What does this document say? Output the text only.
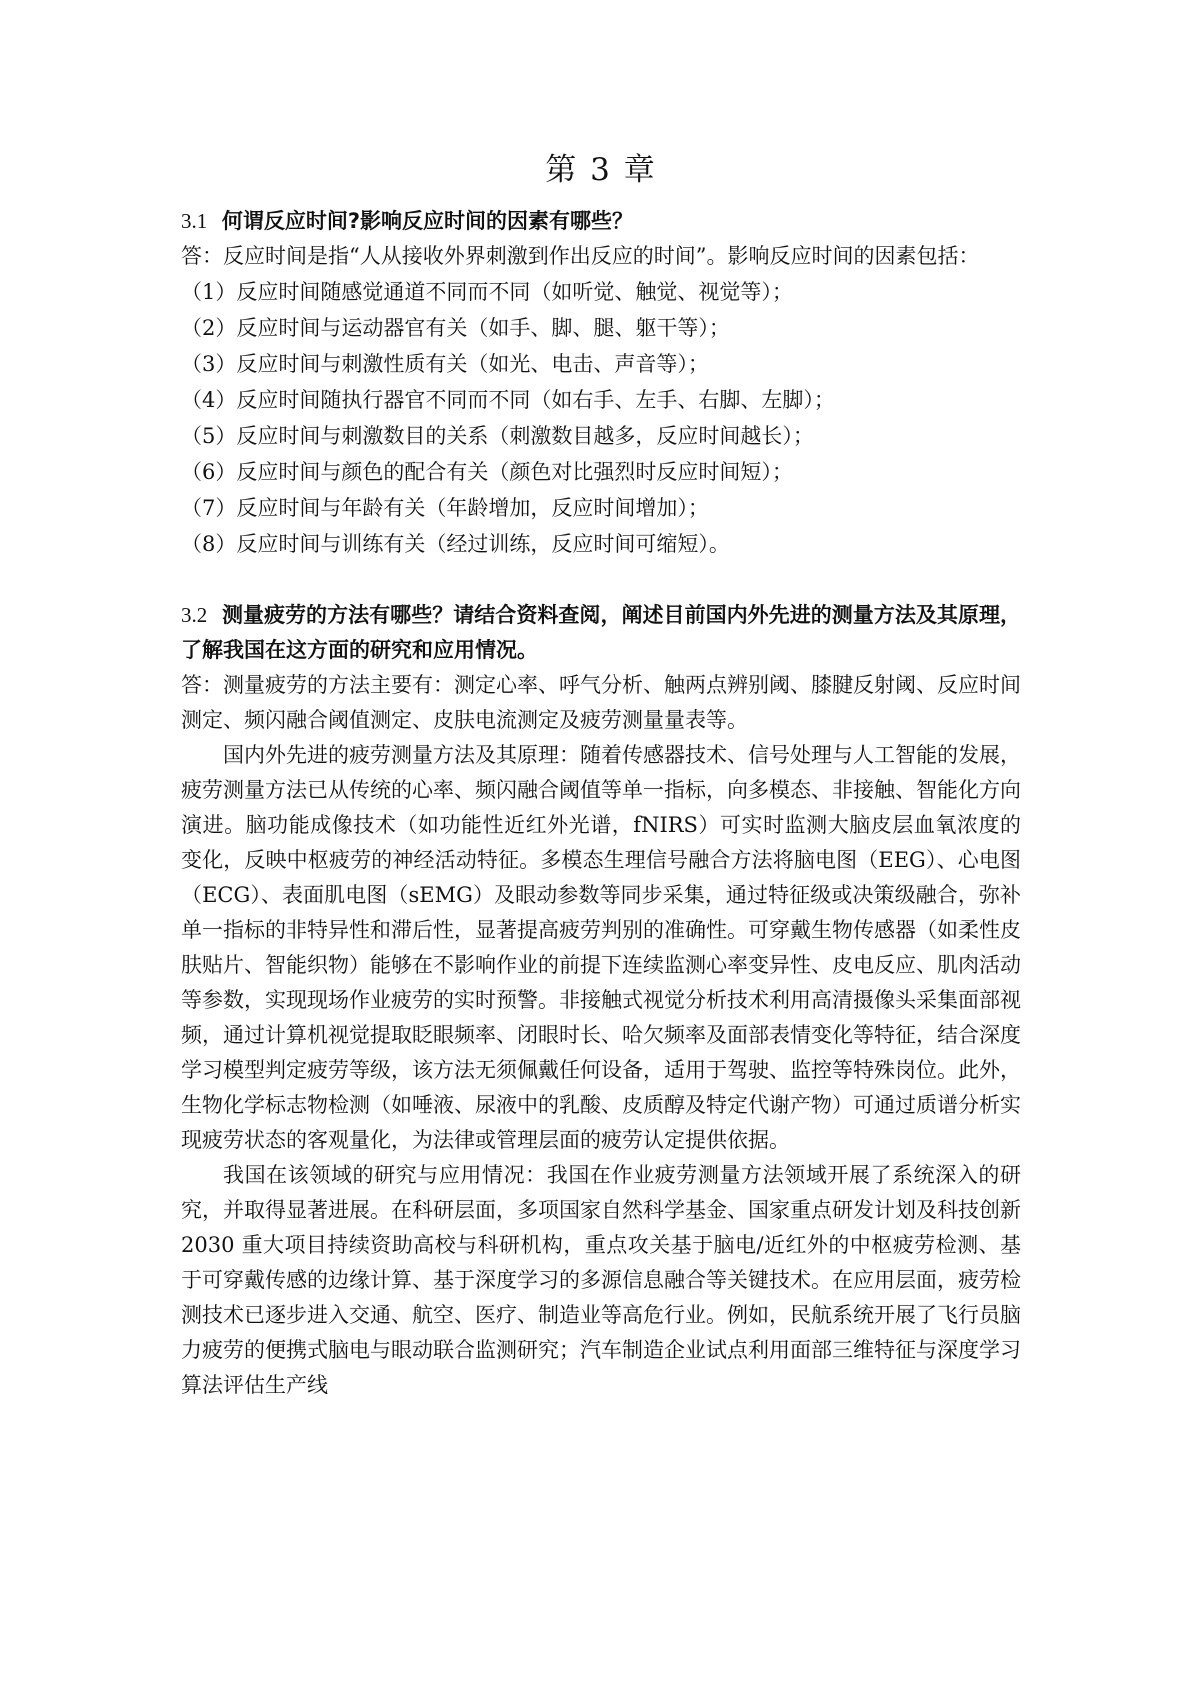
第 3 章

3.1 何谓反应时间?影响反应时间的因素有哪些？

答：反应时间是指“人从接收外界刺激到作出反应的时间”。影响反应时间的因素包括：

（1）反应时间随感觉通道不同而不同（如听觉、触觉、视觉等）；

（2）反应时间与运动器官有关（如手、脚、腿、躯干等）；

（3）反应时间与刺激性质有关（如光、电击、声音等）；

（4）反应时间随执行器官不同而不同（如右手、左手、右脚、左脚）；

（5）反应时间与刺激数目的关系（刺激数目越多，反应时间越长）；

（6）反应时间与颜色的配合有关（颜色对比强烈时反应时间短）；

（7）反应时间与年龄有关（年龄增加，反应时间增加）；

（8）反应时间与训练有关（经过训练，反应时间可缩短）。

3.2 测量疲劳的方法有哪些？请结合资料查阅，阐述目前国内外先进的测量方法及其原理，了解我国在这方面的研究和应用情况。

答：测量疲劳的方法主要有：测定心率、呼气分析、触两点辨别阈、膝腱反射阈、反应时间测定、频闪融合阈值测定、皮肤电流测定及疲劳测量量表等。

国内外先进的疲劳测量方法及其原理：随着传感器技术、信号处理与人工智能的发展，疲劳测量方法已从传统的心率、频闪融合阈值等单一指标，向多模态、非接触、智能化方向演进。脑功能成像技术（如功能性近红外光谱，fNIRS）可实时监测大脑皮层血氧浓度的变化，反映中枢疲劳的神经活动特征。多模态生理信号融合方法将脑电图（EEG）、心电图（ECG）、表面肌电图（sEMG）及眼动参数等同步采集，通过特征级或决策级融合，弥补单一指标的非特异性和滞后性，显著提高疲劳判别的准确性。可穿戴生物传感器（如柔性皮肤贴片、智能织物）能够在不影响作业的前提下连续监测心率变异性、皮电反应、肌肉活动等参数，实现现场作业疲劳的实时预警。非接触式视觉分析技术利用高清摄像头采集面部视频，通过计算机视觉提取眨眼频率、闭眼时长、哈欠频率及面部表情变化等特征，结合深度学习模型判定疲劳等级，该方法无须佩戴任何设备，适用于驾驶、监控等特殊岗位。此外，生物化学标志物检测（如唾液、尿液中的乳酸、皮质醇及特定代谢产物）可通过质谱分析实现疲劳状态的客观量化，为法律或管理层面的疲劳认定提供依据。

我国在该领域的研究与应用情况：我国在作业疲劳测量方法领域开展了系统深入的研究，并取得显著进展。在科研层面，多项国家自然科学基金、国家重点研发计划及科技创新 2030 重大项目持续资助高校与科研机构，重点攻关基于脑电/近红外的中枢疲劳检测、基于可穿戴传感的边缘计算、基于深度学习的多源信息融合等关键技术。在应用层面，疲劳检测技术已逐步进入交通、航空、医疗、制造业等高危行业。例如，民航系统开展了飞行员脑力疲劳的便携式脑电与眼动联合监测研究；汽车制造企业试点利用面部三维特征与深度学习算法评估生产线
